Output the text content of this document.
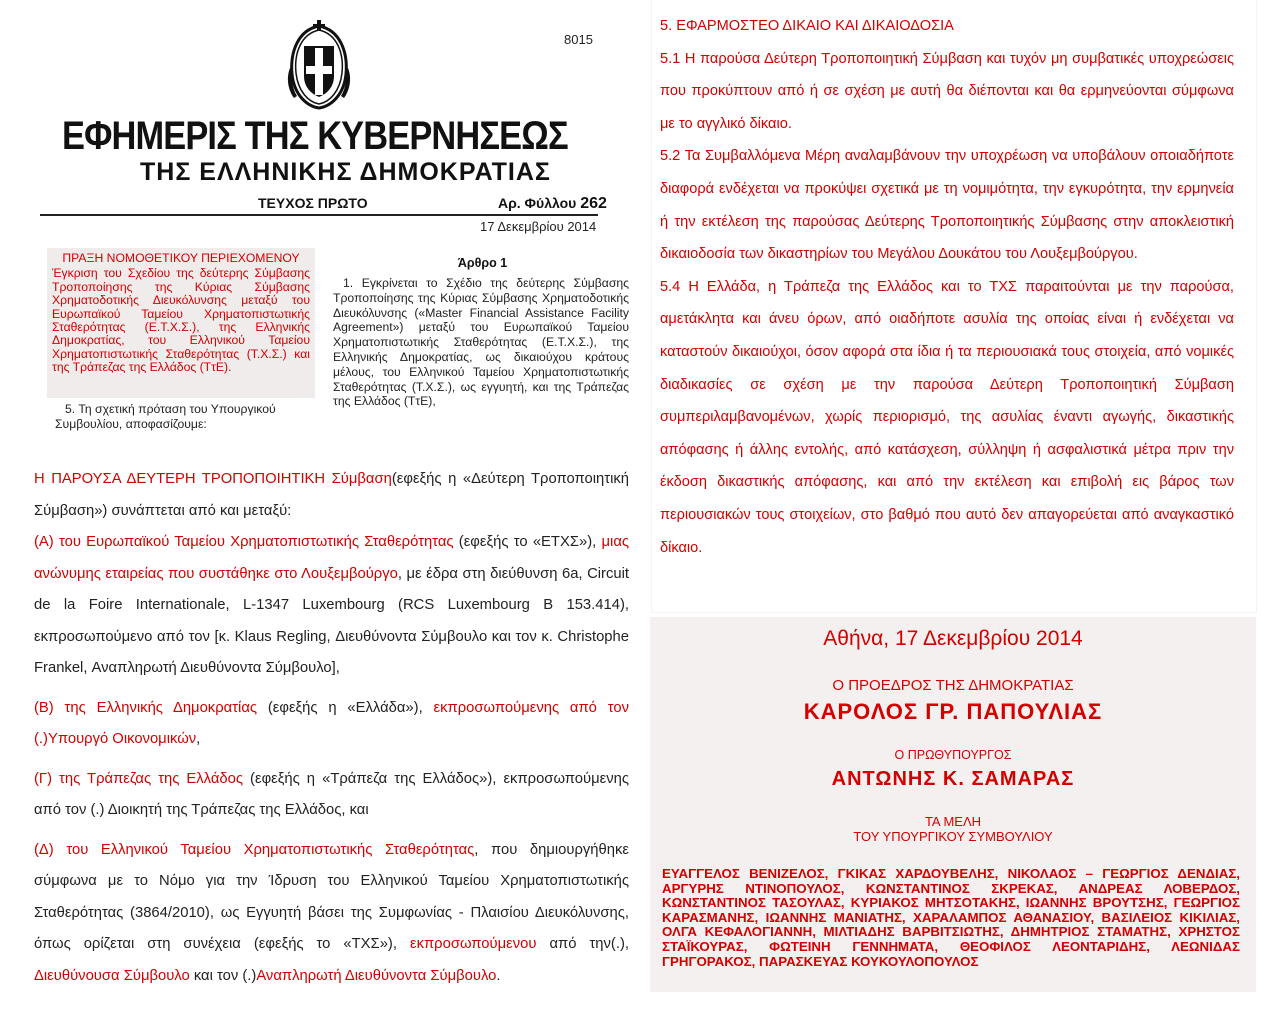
8015
ΕΦΗΜΕΡΙΣ ΤΗΣ ΚΥΒΕΡΝΗΣΕΩΣ
ΤΗΣ ΕΛΛΗΝΙΚΗΣ ΔΗΜΟΚΡΑΤΙΑΣ
ΤΕΥΧΟΣ ΠΡΩΤΟ	Αρ. Φύλλου 262
17 Δεκεμβρίου 2014
ΠΡΑΞΗ ΝΟΜΟΘΕΤΙΚΟΥ ΠΕΡΙΕΧΟΜΕΝΟΥ
Έγκριση του Σχεδίου της δεύτερης Σύμβασης Τροποποίησης της Κύριας Σύμβασης Χρηματοδοτικής Διευκόλυνσης μεταξύ του Ευρωπαϊκού Ταμείου Χρηματοπιστωτικής Σταθερότητας (Ε.Τ.Χ.Σ.), της Ελληνικής Δημοκρατίας, του Ελληνικού Ταμείου Χρηματοπιστωτικής Σταθερότητας (Τ.Χ.Σ.) και της Τράπεζας της Ελλάδος (ΤτΕ).
5. Τη σχετική πρόταση του Υπουργικού Συμβουλίου, αποφασίζουμε:
Άρθρο 1
1. Εγκρίνεται το Σχέδιο της δεύτερης Σύμβασης Τροποποίησης της Κύριας Σύμβασης Χρηματοδοτικής Διευκόλυνσης («Master Financial Assistance Facility Agreement») μεταξύ του Ευρωπαϊκού Ταμείου Χρηματοπιστωτικής Σταθερότητας (Ε.Τ.Χ.Σ.), της Ελληνικής Δημοκρατίας, ως δικαιούχου κράτους μέλους, του Ελληνικού Ταμείου Χρηματοπιστωτικής Σταθερότητας (Τ.Χ.Σ.), ως εγγυητή, και της Τράπεζας της Ελλάδος (ΤτΕ),

Η ΠΑΡΟΥΣΑ ΔΕΥΤΕΡΗ ΤΡΟΠΟΠΟΙΗΤΙΚΗ Σύμβαση(εφεξής η «Δεύτερη Τροποποιητική Σύμβαση») συνάπτεται από και μεταξύ:

(Α) του Ευρωπαϊκού Ταμείου Χρηματοπιστωτικής Σταθερότητας (εφεξής το «ΕΤΧΣ»), μιας ανώνυμης εταιρείας που συστάθηκε στο Λουξεμβούργο, με έδρα στη διεύθυνση 6a, Circuit de la Foire Internationale, L-1347 Luxembourg (RCS Luxembourg B 153.414), εκπροσωπούμενο από τον [κ. Klaus Regling, Διευθύνοντα Σύμβουλο και τον κ. Christophe Frankel, Αναπληρωτή Διευθύνοντα Σύμβουλο],

(Β) της Ελληνικής Δημοκρατίας (εφεξής η «Ελλάδα»), εκπροσωπούμενης από τον (.)Υπουργό Οικονομικών,

(Γ) της Τράπεζας της Ελλάδος (εφεξής η «Τράπεζα της Ελλάδος»), εκπροσωπούμενης από τον (.) Διοικητή της Τράπεζας της Ελλάδος, και

(Δ) του Ελληνικού Ταμείου Χρηματοπιστωτικής Σταθερότητας, που δημιουργήθηκε σύμφωνα με το Νόμο για την Ίδρυση του Ελληνικού Ταμείου Χρηματοπιστωτικής Σταθερότητας (3864/2010), ως Εγγυητή βάσει της Συμφωνίας - Πλαισίου Διευκόλυνσης, όπως ορίζεται στη συνέχεια (εφεξής το «ΤΧΣ»), εκπροσωπούμενου από την(.), Διευθύνουσα Σύμβουλο και τον (.)Αναπληρωτή Διευθύνοντα Σύμβουλο.

5. ΕΦΑΡΜΟΣΤΕΟ ΔΙΚΑΙΟ ΚΑΙ ΔΙΚΑΙΟΔΟΣΙΑ

5.1 Η παρούσα Δεύτερη Τροποποιητική Σύμβαση και τυχόν μη συμβατικές υποχρεώσεις που προκύπτουν από ή σε σχέση με αυτή θα διέπονται και θα ερμηνεύονται σύμφωνα με το αγγλικό δίκαιο.

5.2 Τα Συμβαλλόμενα Μέρη αναλαμβάνουν την υποχρέωση να υποβάλουν οποιαδήποτε διαφορά ενδέχεται να προκύψει σχετικά με τη νομιμότητα, την εγκυρότητα, την ερμηνεία ή την εκτέλεση της παρούσας Δεύτερης Τροποποιητικής Σύμβασης στην αποκλειστική δικαιοδοσία των δικαστηρίων του Μεγάλου Δουκάτου του Λουξεμβούργου.

5.4 Η Ελλάδα, η Τράπεζα της Ελλάδος και το ΤΧΣ παραιτούνται με την παρούσα, αμετάκλητα και άνευ όρων, από οιαδήποτε ασυλία της οποίας είναι ή ενδέχεται να καταστούν δικαιούχοι, όσον αφορά στα ίδια ή τα περιουσιακά τους στοιχεία, από νομικές διαδικασίες σε σχέση με την παρούσα Δεύτερη Τροποποιητική Σύμβαση συμπεριλαμβανομένων, χωρίς περιορισμό, της ασυλίας έναντι αγωγής, δικαστικής απόφασης ή άλλης εντολής, από κατάσχεση, σύλληψη ή ασφαλιστικά μέτρα πριν την έκδοση δικαστικής απόφασης, και από την εκτέλεση και επιβολή εις βάρος των περιουσιακών τους στοιχείων, στο βαθμό που αυτό δεν απαγορεύεται από αναγκαστικό δίκαιο.

Αθήνα, 17 Δεκεμβρίου 2014
Ο ΠΡΟΕΔΡΟΣ ΤΗΣ ΔΗΜΟΚΡΑΤΙΑΣ
ΚΑΡΟΛΟΣ ΓΡ. ΠΑΠΟΥΛΙΑΣ
Ο ΠΡΩΘΥΠΟΥΡΓΟΣ
ΑΝΤΩΝΗΣ Κ. ΣΑΜΑΡΑΣ
ΤΑ ΜΕΛΗ
ΤΟΥ ΥΠΟΥΡΓΙΚΟΥ ΣΥΜΒΟΥΛΙΟΥ
ΕΥΑΓΓΕΛΟΣ ΒΕΝΙΖΕΛΟΣ, ΓΚΙΚΑΣ ΧΑΡΔΟΥΒΕΛΗΣ, ΝΙΚΟΛΑΟΣ – ΓΕΩΡΓΙΟΣ ΔΕΝΔΙΑΣ, ΑΡΓΥΡΗΣ ΝΤΙΝΟΠΟΥΛΟΣ, ΚΩΝΣΤΑΝΤΙΝΟΣ ΣΚΡΕΚΑΣ, ΑΝΔΡΕΑΣ ΛΟΒΕΡΔΟΣ, ΚΩΝΣΤΑΝΤΙΝΟΣ ΤΑΣΟΥΛΑΣ, ΚΥΡΙΑΚΟΣ ΜΗΤΣΟΤΑΚΗΣ, ΙΩΑΝΝΗΣ ΒΡΟΥΤΣΗΣ, ΓΕΩΡΓΙΟΣ ΚΑΡΑΣΜΑΝΗΣ, ΙΩΑΝΝΗΣ ΜΑΝΙΑΤΗΣ, ΧΑΡΑΛΑΜΠΟΣ ΑΘΑΝΑΣΙΟΥ, ΒΑΣΙΛΕΙΟΣ ΚΙΚΙΛΙΑΣ, ΟΛΓΑ ΚΕΦΑΛΟΓΙΑΝΝΗ, ΜΙΛΤΙΑΔΗΣ ΒΑΡΒΙΤΣΙΩΤΗΣ, ΔΗΜΗΤΡΙΟΣ ΣΤΑΜΑΤΗΣ, ΧΡΗΣΤΟΣ ΣΤΑΪΚΟΥΡΑΣ, ΦΩΤΕΙΝΗ ΓΕΝΝΗΜΑΤΑ, ΘΕΟΦΙΛΟΣ ΛΕΟΝΤΑΡΙΔΗΣ, ΛΕΩΝΙΔΑΣ ΓΡΗΓΟΡΑΚΟΣ, ΠΑΡΑΣΚΕΥΑΣ ΚΟΥΚΟΥΛΟΠΟΥΛΟΣ
